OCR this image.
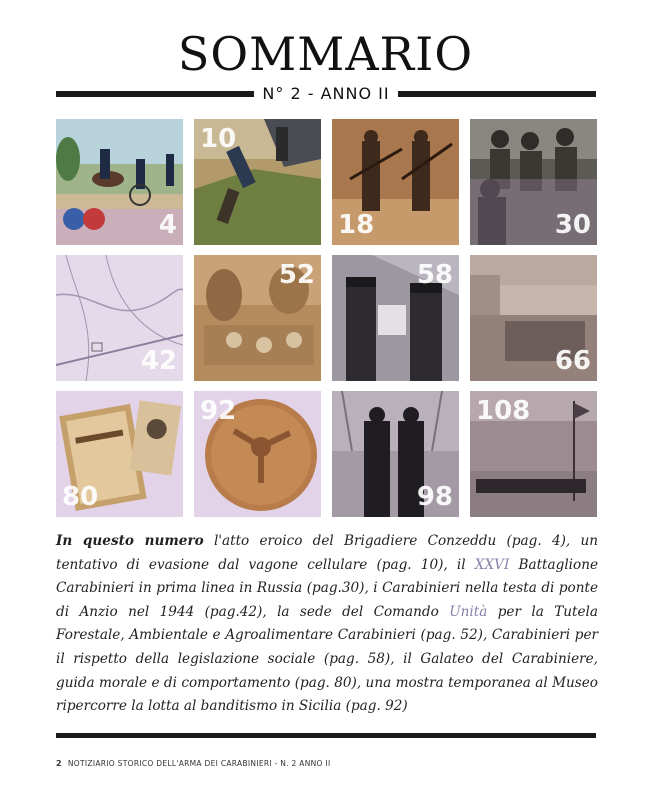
SOMMARIO
N° 2 - ANNO II
4
10
18	30
42
52	58
66
80
92
98
108
In questo numero l'atto eroico del Brigadiere Conzeddu (pag. 4), un tentativo di evasione dal vagone cellulare (pag. 10), il XXVI Battaglione Carabinieri in prima linea in Russia (pag.30), i Carabinieri nella testa di ponte di Anzio nel 1944 (pag.42), la sede del Comando Unità per la Tutela Forestale, Ambientale e Agroalimentare Carabinieri (pag. 52), Carabinieri per il rispetto della legislazione sociale (pag. 58), il Galateo del Carabiniere, guida morale e di comportamento (pag. 80), una mostra temporanea al Museo ripercorre la lotta al banditismo in Sicilia (pag. 92)
2 NOTIZIARIO STORICO DELL'ARMA DEI CARABINIERI - N. 2 ANNO II
